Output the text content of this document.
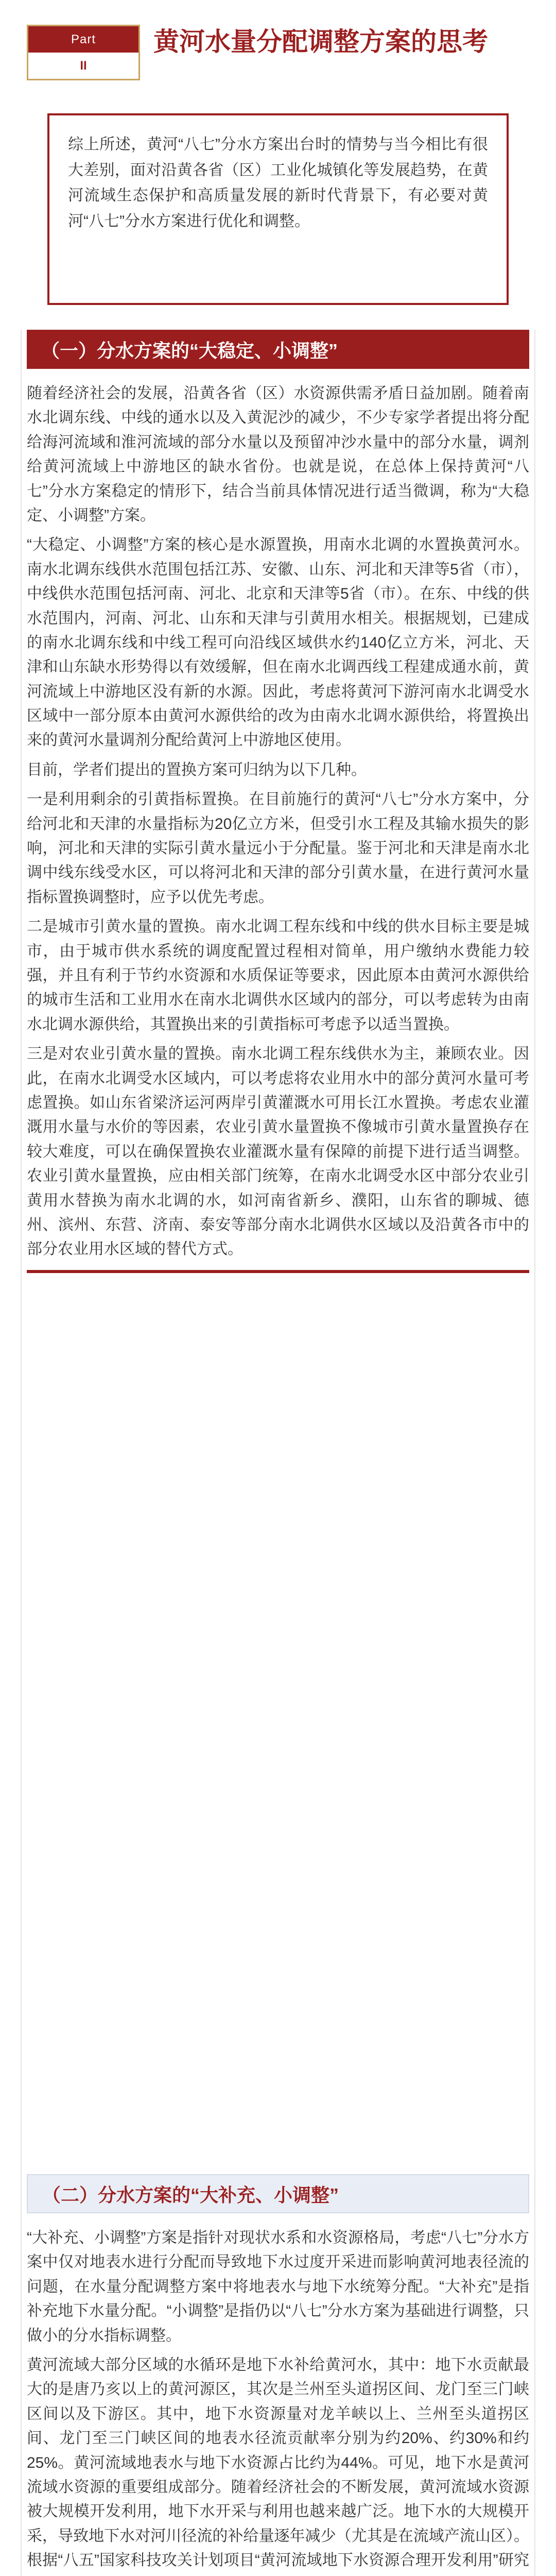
Part
II
黄河水量分配调整方案的思考

综上所述，黄河“八七”分水方案出台时的情势与当今相比有很大差别，面对沿黄各省（区）工业化城镇化等发展趋势，在黄河流域生态保护和高质量发展的新时代背景下，有必要对黄河“八七”分水方案进行优化和调整。

（一）分水方案的“大稳定、小调整”

随着经济社会的发展，沿黄各省（区）水资源供需矛盾日益加剧。随着南水北调东线、中线的通水以及入黄泥沙的减少，不少专家学者提出将分配给海河流域和淮河流域的部分水量以及预留冲沙水量中的部分水量，调剂给黄河流域上中游地区的缺水省份。也就是说，在总体上保持黄河“八七”分水方案稳定的情形下，结合当前具体情况进行适当微调，称为“大稳定、小调整”方案。

“大稳定、小调整”方案的核心是水源置换，用南水北调的水置换黄河水。南水北调东线供水范围包括江苏、安徽、山东、河北和天津等5省（市），中线供水范围包括河南、河北、北京和天津等5省（市）。在东、中线的供水范围内，河南、河北、山东和天津与引黄用水相关。根据规划，已建成的南水北调东线和中线工程可向沿线区域供水约140亿立方米，河北、天津和山东缺水形势得以有效缓解，但在南水北调西线工程建成通水前，黄河流域上中游地区没有新的水源。因此，考虑将黄河下游河南水北调受水区域中一部分原本由黄河水源供给的改为由南水北调水源供给，将置换出来的黄河水量调剂分配给黄河上中游地区使用。

目前，学者们提出的置换方案可归纳为以下几种。

一是利用剩余的引黄指标置换。在目前施行的黄河“八七”分水方案中，分给河北和天津的水量指标为20亿立方米，但受引水工程及其输水损失的影响，河北和天津的实际引黄水量远小于分配量。鉴于河北和天津是南水北调中线东线受水区，可以将河北和天津的部分引黄水量，在进行黄河水量指标置换调整时，应予以优先考虑。

二是城市引黄水量的置换。南水北调工程东线和中线的供水目标主要是城市，由于城市供水系统的调度配置过程相对简单，用户缴纳水费能力较强，并且有利于节约水资源和水质保证等要求，因此原本由黄河水源供给的城市生活和工业用水在南水北调供水区域内的部分，可以考虑转为由南水北调水源供给，其置换出来的引黄指标可考虑予以适当置换。

三是对农业引黄水量的置换。南水北调工程东线供水为主，兼顾农业。因此，在南水北调受水区域内，可以考虑将农业用水中的部分黄河水量可考虑置换。如山东省梁济运河两岸引黄灌溉水可用长江水置换。考虑农业灌溉用水量与水价的等因素，农业引黄水量置换不像城市引黄水量置换存在较大难度，可以在确保置换农业灌溉水量有保障的前提下进行适当调整。农业引黄水量置换，应由相关部门统筹，在南水北调受水区中部分农业引黄用水替换为南水北调的水，如河南省新乡、濮阳，山东省的聊城、德州、滨州、东营、济南、泰安等部分南水北调供水区域以及沿黄各市中的部分农业用水区域的替代方式。

（二）分水方案的“大补充、小调整”

“大补充、小调整”方案是指针对现状水系和水资源格局，考虑“八七”分水方案中仅对地表水进行分配而导致地下水过度开采进而影响黄河地表径流的问题，在水量分配调整方案中将地表水与地下水统筹分配。“大补充”是指补充地下水量分配。“小调整”是指仍以“八七”分水方案为基础进行调整，只做小的分水指标调整。

黄河流域大部分区域的水循环是地下水补给黄河水，其中：地下水贡献最大的是唐乃亥以上的黄河源区，其次是兰州至头道拐区间、龙门至三门峡区间以及下游区。其中，地下水资源量对龙羊峡以上、兰州至头道拐区间、龙门至三门峡区间的地表水径流贡献率分别为约20%、约30%和约25%。黄河流域地表水与地下水资源占比约为44%。可见，地下水是黄河流域水资源的重要组成部分。随着经济社会的不断发展，黄河流域水资源被大规模开发利用，地下水开采与利用也越来越广泛。地下水的大规模开采，导致地下水对河川径流的补给量逐年减少（尤其是在流域产流山区）。根据“八五”国家科技攻关计划项目“黄河流域地下水资源合理开发利用”研究
